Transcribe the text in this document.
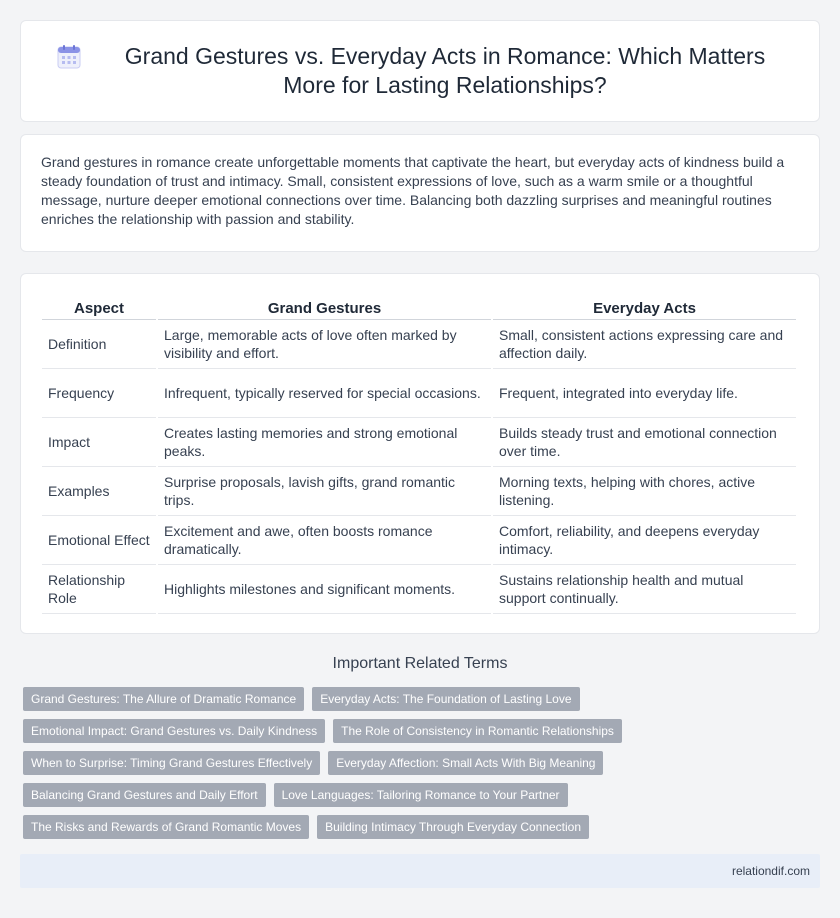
Grand Gestures vs. Everyday Acts in Romance: Which Matters More for Lasting Relationships?

Grand gestures in romance create unforgettable moments that captivate the heart, but everyday acts of kindness build a steady foundation of trust and intimacy. Small, consistent expressions of love, such as a warm smile or a thoughtful message, nurture deeper emotional connections over time. Balancing both dazzling surprises and meaningful routines enriches the relationship with passion and stability.

Aspect	Grand Gestures	Everyday Acts
Definition	Large, memorable acts of love often marked by visibility and effort.	Small, consistent actions expressing care and affection daily.
Frequency	Infrequent, typically reserved for special occasions.	Frequent, integrated into everyday life.
Impact	Creates lasting memories and strong emotional peaks.	Builds steady trust and emotional connection over time.
Examples	Surprise proposals, lavish gifts, grand romantic trips.	Morning texts, helping with chores, active listening.
Emotional Effect	Excitement and awe, often boosts romance dramatically.	Comfort, reliability, and deepens everyday intimacy.
Relationship Role	Highlights milestones and significant moments.	Sustains relationship health and mutual support continually.
Important Related Terms
Grand Gestures: The Allure of Dramatic Romance	Everyday Acts: The Foundation of Lasting Love
Emotional Impact: Grand Gestures vs. Daily Kindness	The Role of Consistency in Romantic Relationships
When to Surprise: Timing Grand Gestures Effectively	Everyday Affection: Small Acts With Big Meaning
Balancing Grand Gestures and Daily Effort	Love Languages: Tailoring Romance to Your Partner
The Risks and Rewards of Grand Romantic Moves	Building Intimacy Through Everyday Connection
relationdif.com
